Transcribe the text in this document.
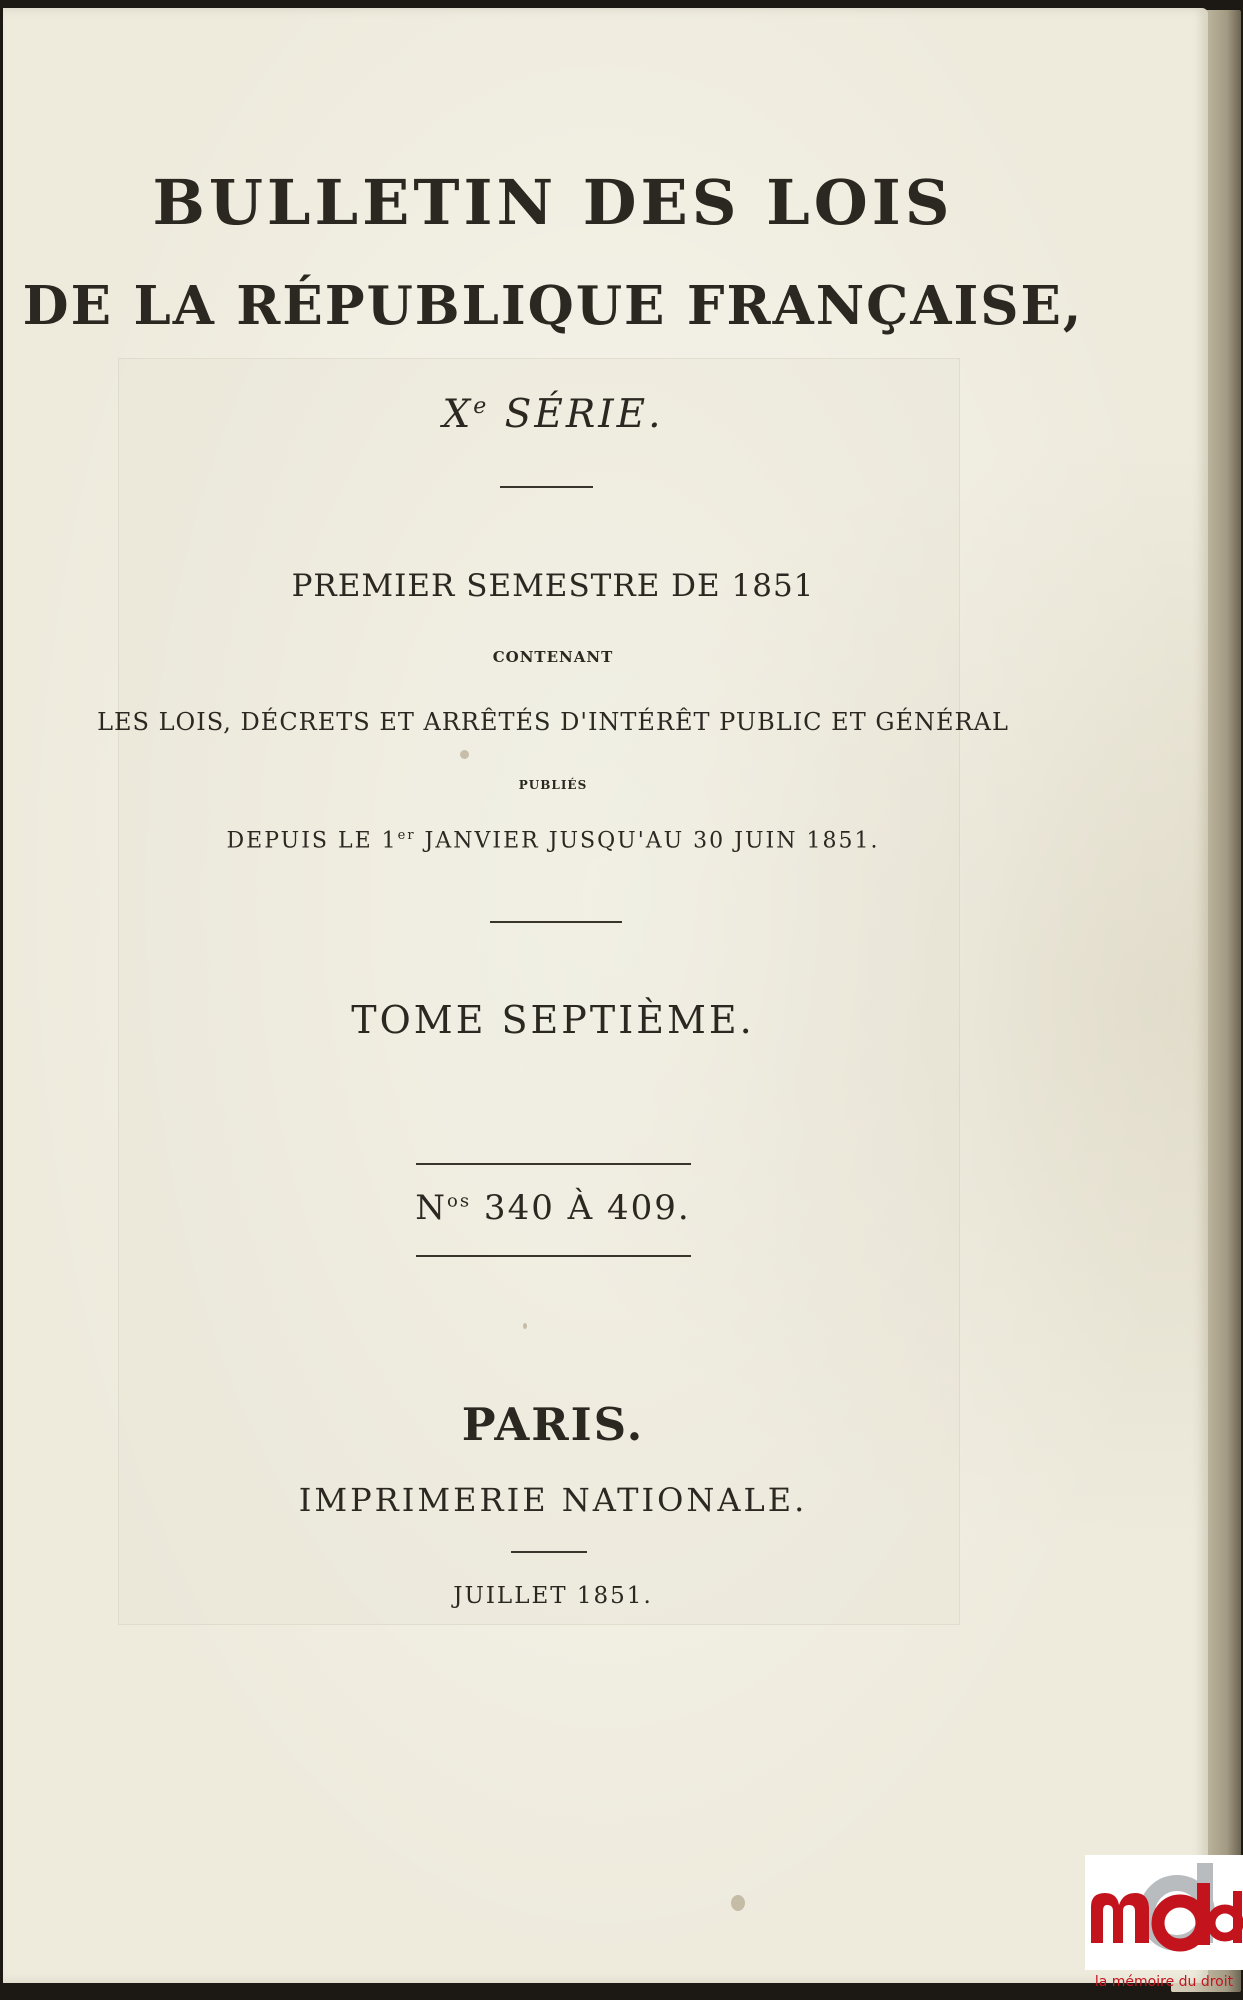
BULLETIN DES LOIS
DE LA RÉPUBLIQUE FRANÇAISE,
Xe SÉRIE.
PREMIER SEMESTRE DE 1851
CONTENANT
LES LOIS, DÉCRETS ET ARRÊTÉS D'INTÉRÊT PUBLIC ET GÉNÉRAL
PUBLIÉS
DEPUIS LE 1er JANVIER JUSQU'AU 30 JUIN 1851.
TOME SEPTIÈME.
$N^{os}$ 340 À 409.
PARIS.
IMPRIMERIE NATIONALE.
JUILLET 1851.
la mémoire du droit
